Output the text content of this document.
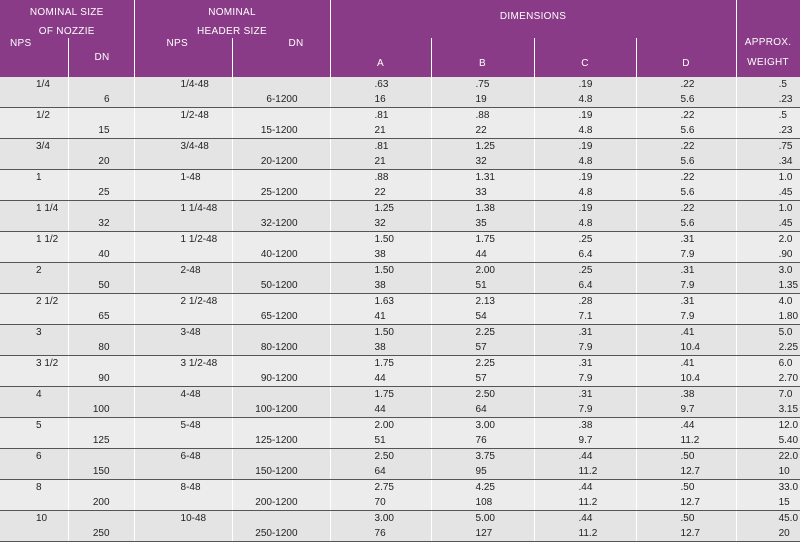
NOMINAL SIZE
OF NOZZIE		NOMINAL
HEADER SIZE		DIMENSIONS				APPROX.
WEIGHT

NPS	DN	NPS	DN	A	B	C	D	
1/4		1/4-48		.63	.75	.19	.22	.5
	6		6-1200	16	19	4.8	5.6	.23
1/2		1/2-48		.81	.88	.19	.22	.5
	15		15-1200	21	22	4.8	5.6	.23
3/4		3/4-48		.81	1.25	.19	.22	.75
	20		20-1200	21	32	4.8	5.6	.34
1		1-48		.88	1.31	.19	.22	1.0
	25		25-1200	22	33	4.8	5.6	.45
1 1/4		1 1/4-48		1.25	1.38	.19	.22	1.0
	32		32-1200	32	35	4.8	5.6	.45
1 1/2		1 1/2-48		1.50	1.75	.25	.31	2.0
	40		40-1200	38	44	6.4	7.9	.90
2		2-48		1.50	2.00	.25	.31	3.0
	50		50-1200	38	51	6.4	7.9	1.35
2 1/2		2 1/2-48		1.63	2.13	.28	.31	4.0
	65		65-1200	41	54	7.1	7.9	1.80
3		3-48		1.50	2.25	.31	.41	5.0
	80		80-1200	38	57	7.9	10.4	2.25
3 1/2		3 1/2-48		1.75	2.25	.31	.41	6.0
	90		90-1200	44	57	7.9	10.4	2.70
4		4-48		1.75	2.50	.31	.38	7.0
	100		100-1200	44	64	7.9	9.7	3.15
5		5-48		2.00	3.00	.38	.44	12.0
	125		125-1200	51	76	9.7	11.2	5.40
6		6-48		2.50	3.75	.44	.50	22.0
	150		150-1200	64	95	11.2	12.7	10
8		8-48		2.75	4.25	.44	.50	33.0
	200		200-1200	70	108	11.2	12.7	15
10		10-48		3.00	5.00	.44	.50	45.0
	250		250-1200	76	127	11.2	12.7	20
